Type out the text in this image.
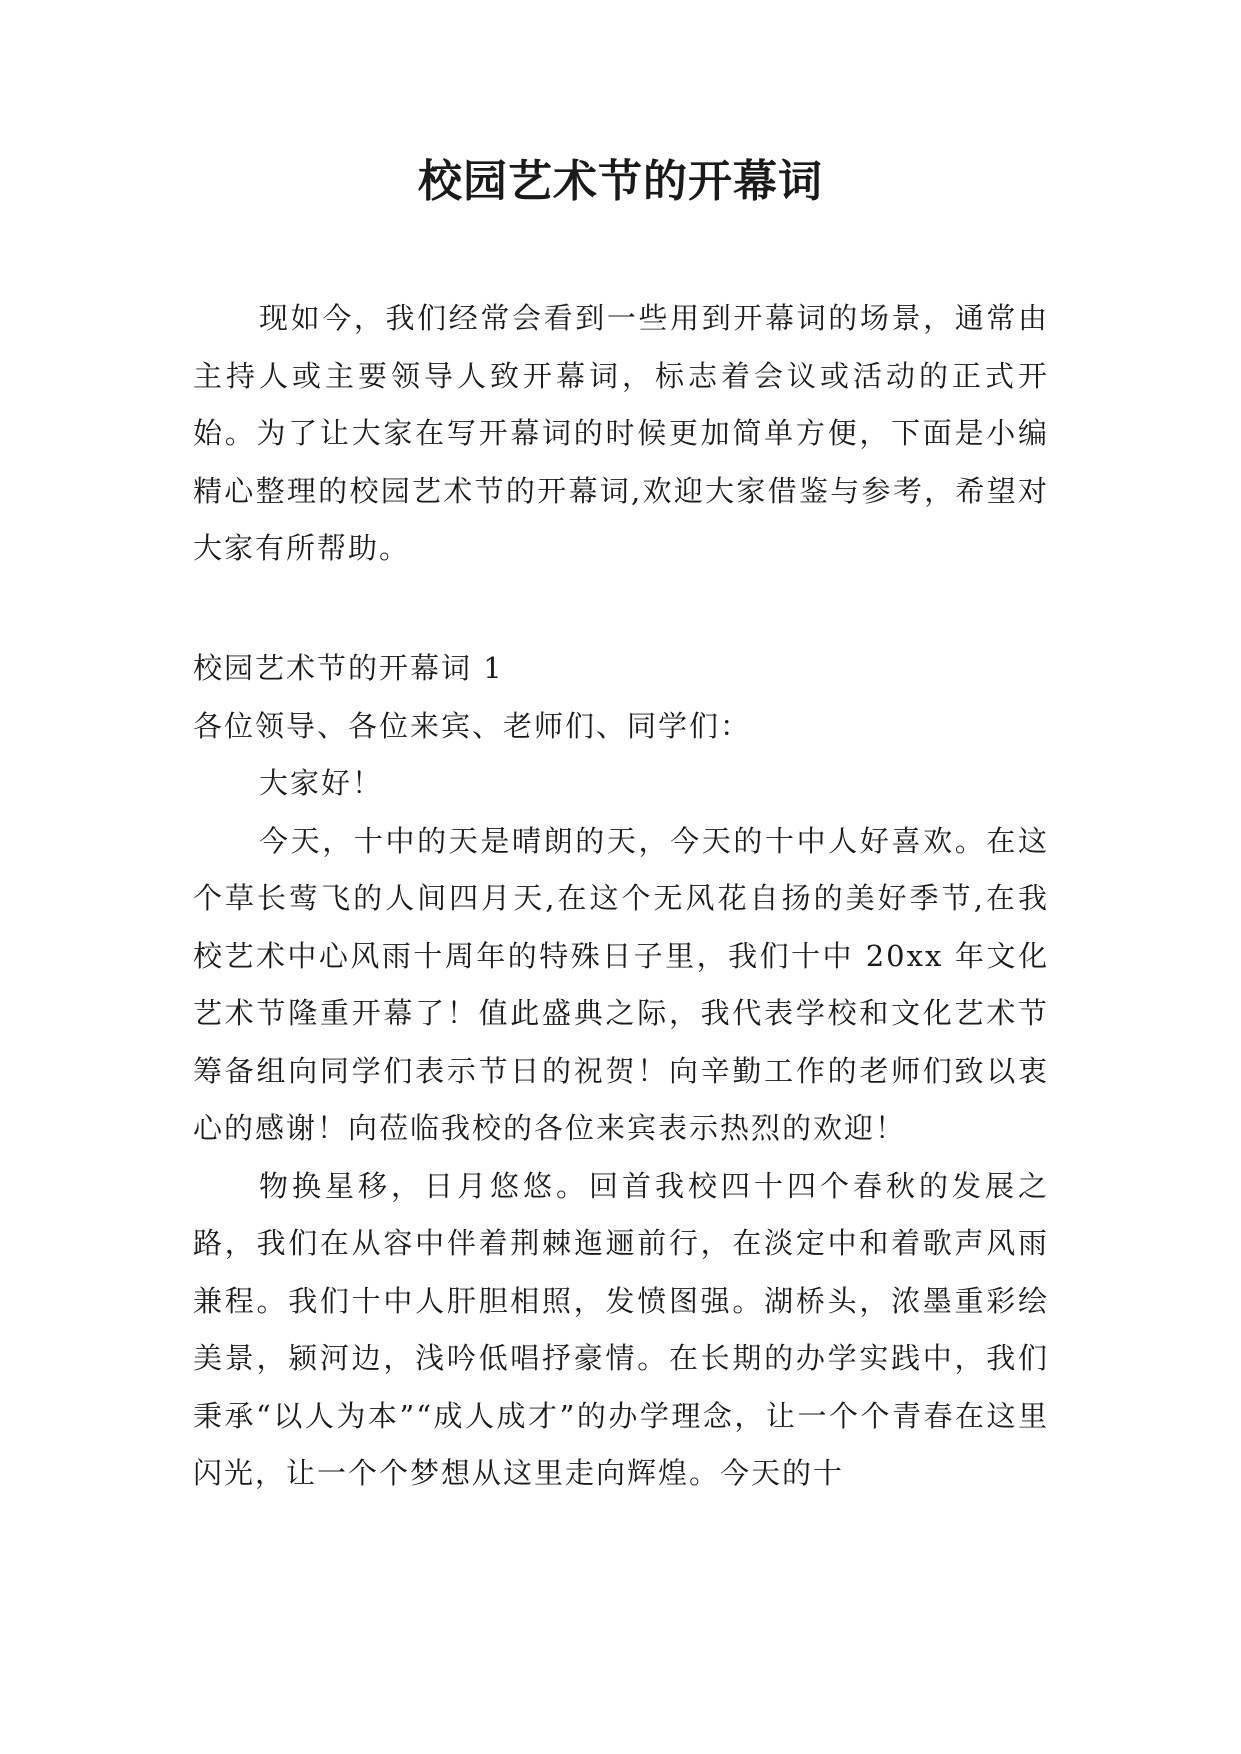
校园艺术节的开幕词

现如今，我们经常会看到一些用到开幕词的场景，通常由主持人或主要领导人致开幕词，标志着会议或活动的正式开始。为了让大家在写开幕词的时候更加简单方便，下面是小编精心整理的校园艺术节的开幕词,欢迎大家借鉴与参考，希望对大家有所帮助。

校园艺术节的开幕词 1

各位领导、各位来宾、老师们、同学们：

大家好！

今天，十中的天是晴朗的天，今天的十中人好喜欢。在这个草长莺飞的人间四月天,在这个无风花自扬的美好季节,在我校艺术中心风雨十周年的特殊日子里，我们十中 20xx 年文化艺术节隆重开幕了！值此盛典之际，我代表学校和文化艺术节筹备组向同学们表示节日的祝贺！向辛勤工作的老师们致以衷心的感谢！向莅临我校的各位来宾表示热烈的欢迎！

物换星移，日月悠悠。回首我校四十四个春秋的发展之路，我们在从容中伴着荆棘迤逦前行，在淡定中和着歌声风雨兼程。我们十中人肝胆相照，发愤图强。湖桥头，浓墨重彩绘美景，颍河边，浅吟低唱抒豪情。在长期的办学实践中，我们秉承“以人为本”“成人成才”的办学理念，让一个个青春在这里闪光，让一个个梦想从这里走向辉煌。今天的十
